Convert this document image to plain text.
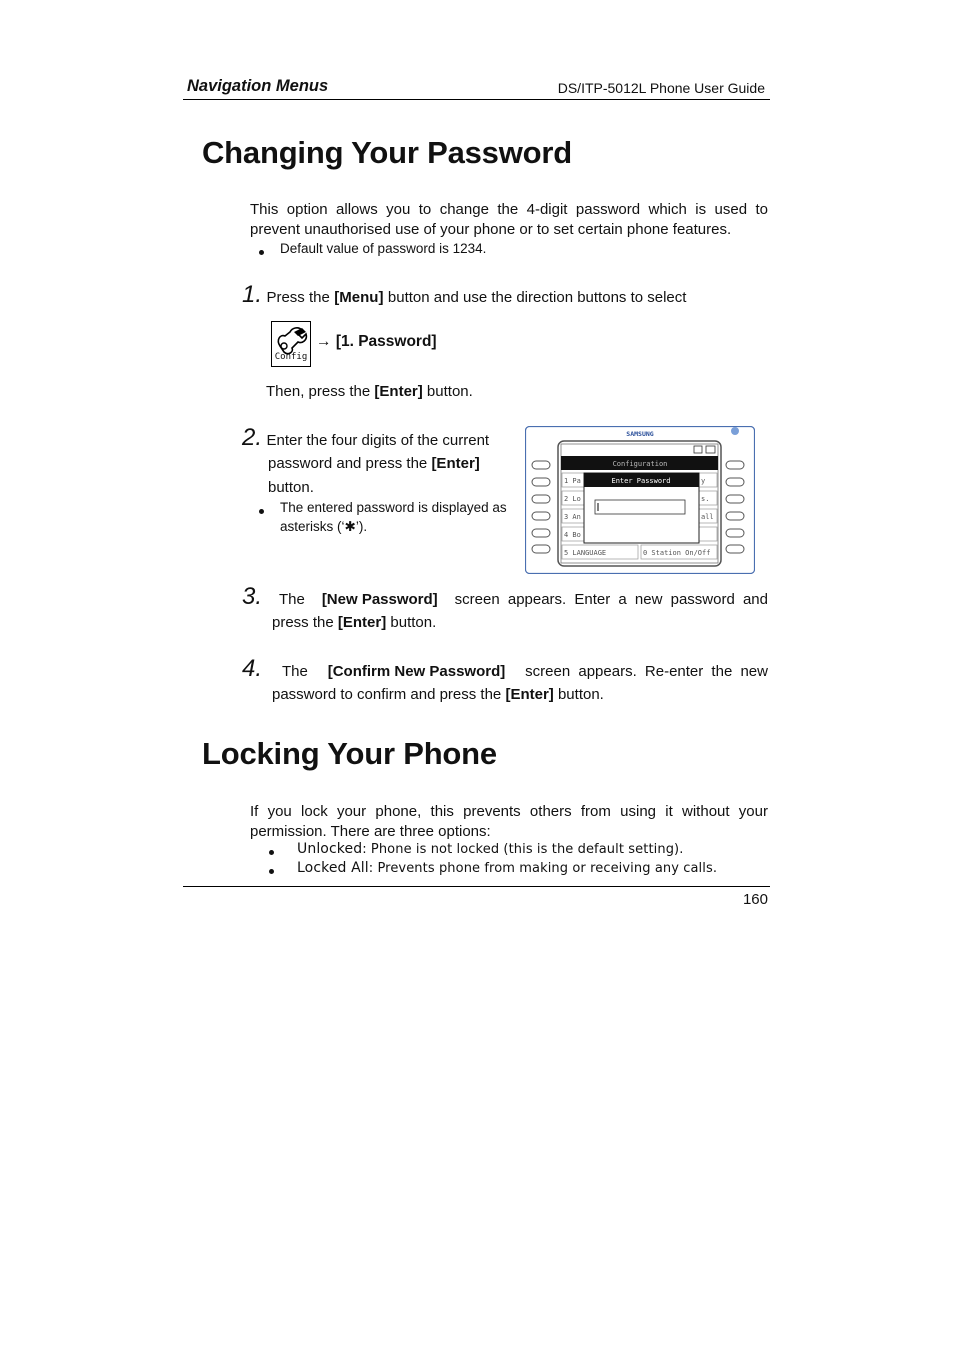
Navigation Menus	DS/ITP-5012L Phone User Guide
Changing Your Password
This option allows you to change the 4-digit password which is used to prevent unauthorised use of your phone or to set certain phone features.
Default value of password is 1234.
1. Press the [Menu] button and use the direction buttons to select
Config
→ [1. Password]
Then, press the [Enter] button.
2. Enter the four digits of the current
password and press the [Enter]
button.
The entered password is displayed as
asterisks (‘✱’).
SAMSUNG
Configuration
Enter Password
1 Pa
2 Lo
3 An
4 Bo
5 LANGUAGE
y
s.
all
0 Station On/Off
3. The [New Password] screen appears. Enter a new password and
press the [Enter] button.
4. The [Confirm New Password] screen appears. Re-enter the new
password to confirm and press the [Enter] button.
Locking Your Phone
If you lock your phone, this prevents others from using it without your permission. There are three options:
Unlocked: Phone is not locked (this is the default setting).
Locked All: Prevents phone from making or receiving any calls.
160
